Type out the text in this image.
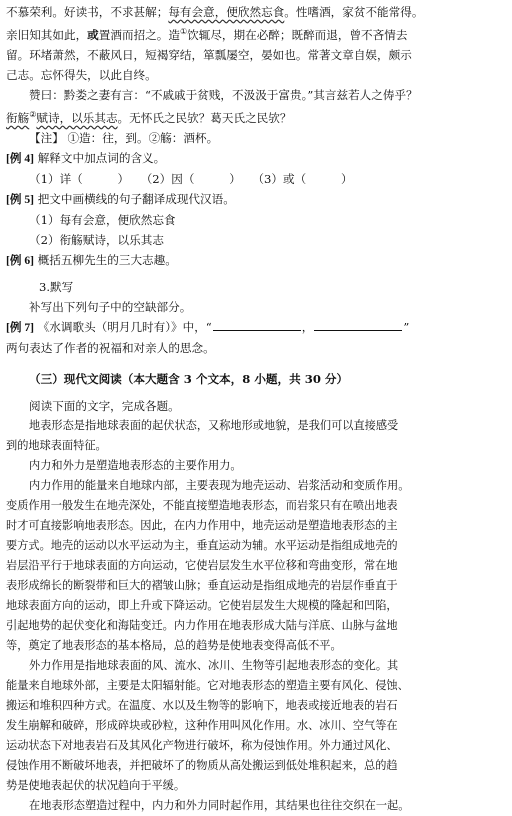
不慕荣利。好读书，不求甚解；每有会意，便欣然忘食。性嗜酒，家贫不能常得。
亲旧知其如此，或置酒而招之。造①饮辄尽，期在必醉；既醉而退，曾不吝情去
留。环堵萧然，不蔽风日，短褐穿结，箪瓢屡空，晏如也。常著文章自娱，颇示
己志。忘怀得失，以此自终。
赞曰：黔娄之妻有言：“不戚戚于贫贱，不汲汲于富贵。”其言兹若人之俦乎？
衔觞②赋诗，以乐其志。无怀氏之民欤？葛天氏之民欤？
【注】 ①造：往，到。②觞：酒杯。
[例 4] 解释文中加点词的含义。
（1）详（　　　）　　（2）因（　　　）　　（3）或（　　　）
[例 5] 把文中画横线的句子翻译成现代汉语。
（1）每有会意，便欣然忘食
（2）衔觞赋诗，以乐其志
[例 6] 概括五柳先生的三大志趣。
3.默写
补写出下列句子中的空缺部分。
[例 7] 《水调歌头（明月几时有）》中，“	，	”
两句表达了作者的祝福和对亲人的思念。
（三）现代文阅读（本大题含 3 个文本，8 小题，共 30 分）
阅读下面的文字，完成各题。
地表形态是指地球表面的起伏状态，又称地形或地貌，是我们可以直接感受
到的地球表面特征。
内力和外力是塑造地表形态的主要作用力。
内力作用的能量来自地球内部，主要表现为地壳运动、岩浆活动和变质作用。
变质作用一般发生在地壳深处，不能直接塑造地表形态，而岩浆只有在喷出地表
时才可直接影响地表形态。因此，在内力作用中，地壳运动是塑造地表形态的主
要方式。地壳的运动以水平运动为主，垂直运动为辅。水平运动是指组成地壳的
岩层沿平行于地球表面的方向运动，它使岩层发生水平位移和弯曲变形，常在地
表形成绵长的断裂带和巨大的褶皱山脉；垂直运动是指组成地壳的岩层作垂直于
地球表面方向的运动，即上升或下降运动。它使岩层发生大规模的隆起和凹陷，
引起地势的起伏变化和海陆变迁。内力作用在地表形成大陆与洋底、山脉与盆地
等，奠定了地表形态的基本格局，总的趋势是使地表变得高低不平。
外力作用是指地球表面的风、流水、冰川、生物等引起地表形态的变化。其
能量来自地球外部，主要是太阳辐射能。它对地表形态的塑造主要有风化、侵蚀、
搬运和堆积四种方式。在温度、水以及生物等的影响下，地表或接近地表的岩石
发生崩解和破碎，形成碎块或砂粒，这种作用叫风化作用。水、冰川、空气等在
运动状态下对地表岩石及其风化产物进行破坏，称为侵蚀作用。外力通过风化、
侵蚀作用不断破坏地表，并把破坏了的物质从高处搬运到低处堆积起来，总的趋
势是使地表起伏的状况趋向于平缓。
在地表形态塑造过程中，内力和外力同时起作用，其结果也往往交织在一起。
